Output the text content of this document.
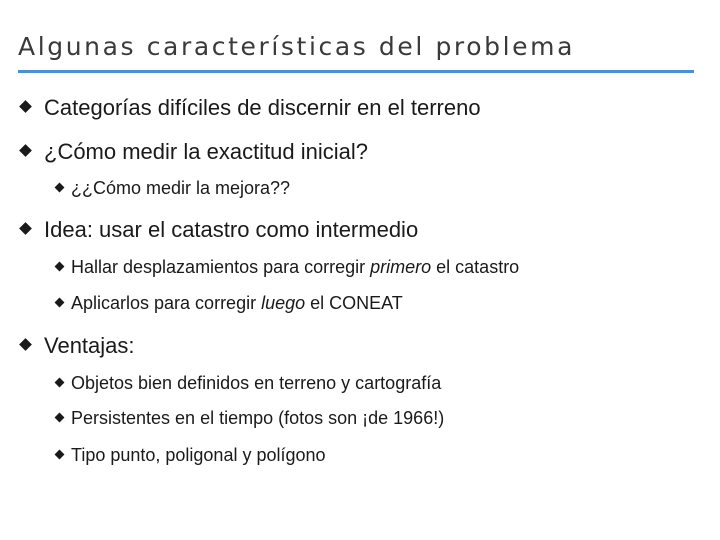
Algunas características del problema
Categorías difíciles de discernir en el terreno
¿Cómo medir la exactitud inicial?
¿¿Cómo medir la mejora??
Idea: usar el catastro como intermedio
Hallar desplazamientos para corregir primero el catastro
Aplicarlos para corregir luego el CONEAT
Ventajas:
Objetos bien definidos en terreno y cartografía
Persistentes en el tiempo (fotos son ¡de 1966!)
Tipo punto, poligonal y polígono
